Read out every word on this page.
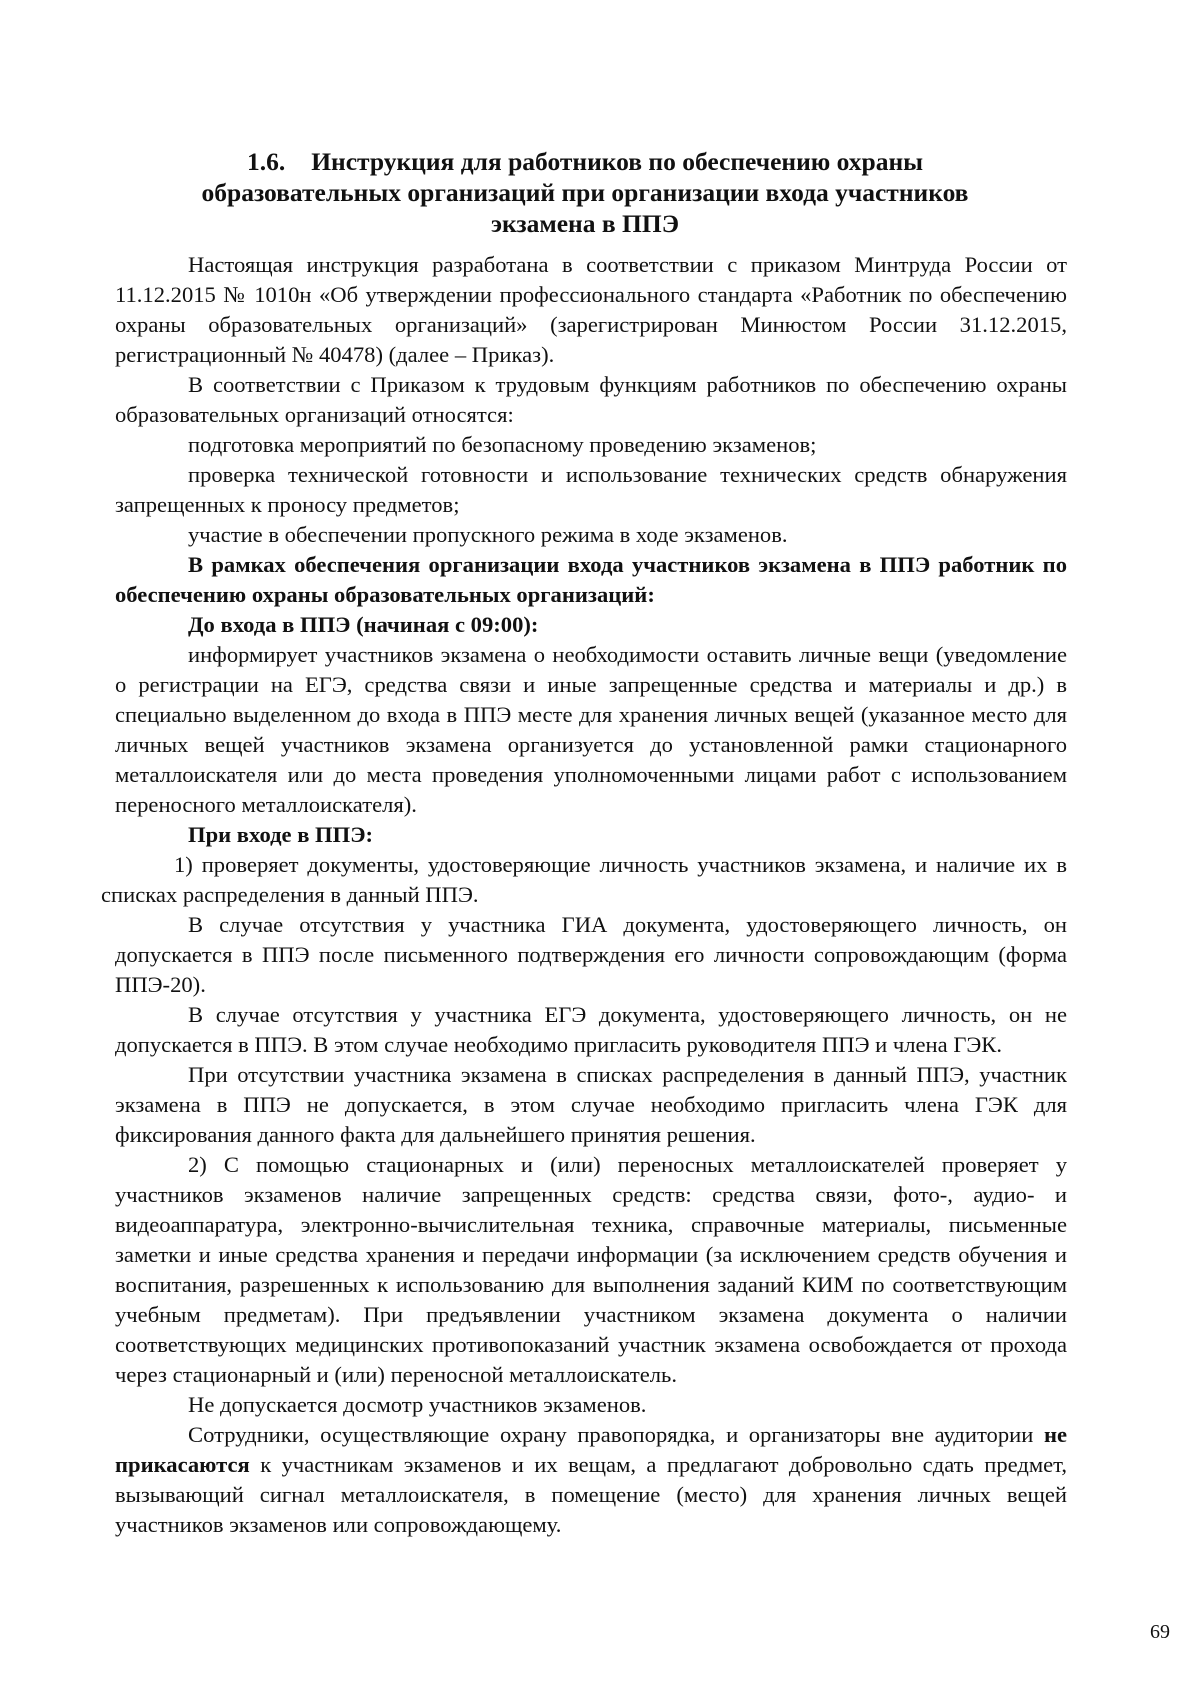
1.6. Инструкция для работников по обеспечению охраны
образовательных организаций при организации входа участников
экзамена в ППЭ

Настоящая инструкция разработана в соответствии с приказом Минтруда России от 11.12.2015 № 1010н «Об утверждении профессионального стандарта «Работник по обеспечению охраны образовательных организаций» (зарегистрирован Минюстом России 31.12.2015, регистрационный № 40478) (далее – Приказ).

В соответствии с Приказом к трудовым функциям работников по обеспечению охраны образовательных организаций относятся:

подготовка мероприятий по безопасному проведению экзаменов;

проверка технической готовности и использование технических средств обнаружения запрещенных к проносу предметов;

участие в обеспечении пропускного режима в ходе экзаменов.

В рамках обеспечения организации входа участников экзамена в ППЭ работник по обеспечению охраны образовательных организаций:

До входа в ППЭ (начиная с 09:00):

информирует участников экзамена о необходимости оставить личные вещи (уведомление о регистрации на ЕГЭ, средства связи и иные запрещенные средства и материалы и др.) в специально выделенном до входа в ППЭ месте для хранения личных вещей (указанное место для личных вещей участников экзамена организуется до установленной рамки стационарного металлоискателя или до места проведения уполномоченными лицами работ с использованием переносного металлоискателя).

При входе в ППЭ:

1) проверяет документы, удостоверяющие личность участников экзамена, и наличие их в списках распределения в данный ППЭ.

В случае отсутствия у участника ГИА документа, удостоверяющего личность, он допускается в ППЭ после письменного подтверждения его личности сопровождающим (форма ППЭ-20).

В случае отсутствия у участника ЕГЭ документа, удостоверяющего личность, он не допускается в ППЭ. В этом случае необходимо пригласить руководителя ППЭ и члена ГЭК.

При отсутствии участника экзамена в списках распределения в данный ППЭ, участник экзамена в ППЭ не допускается, в этом случае необходимо пригласить члена ГЭК для фиксирования данного факта для дальнейшего принятия решения.

2) С помощью стационарных и (или) переносных металлоискателей проверяет у участников экзаменов наличие запрещенных средств: средства связи, фото-, аудио- и видеоаппаратура, электронно-вычислительная техника, справочные материалы, письменные заметки и иные средства хранения и передачи информации (за исключением средств обучения и воспитания, разрешенных к использованию для выполнения заданий КИМ по соответствующим учебным предметам). При предъявлении участником экзамена документа о наличии соответствующих медицинских противопоказаний участник экзамена освобождается от прохода через стационарный и (или) переносной металлоискатель.

Не допускается досмотр участников экзаменов.

Сотрудники, осуществляющие охрану правопорядка, и организаторы вне аудитории не прикасаются к участникам экзаменов и их вещам, а предлагают добровольно сдать предмет, вызывающий сигнал металлоискателя, в помещение (место) для хранения личных вещей участников экзаменов или сопровождающему.

69
